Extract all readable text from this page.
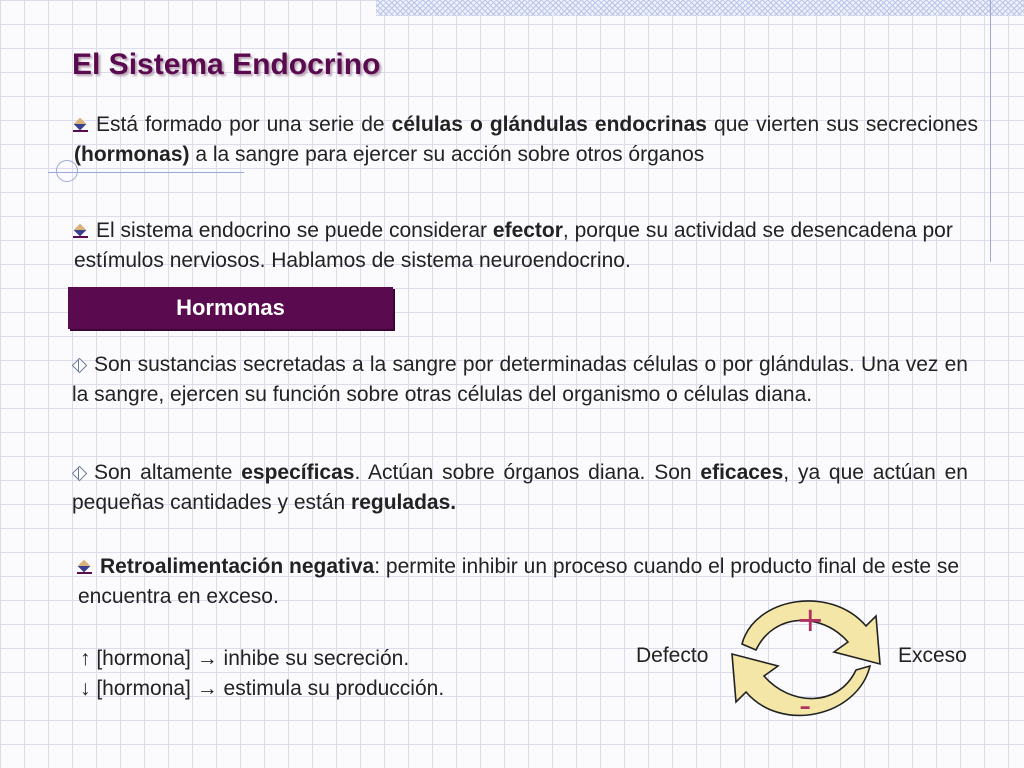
El Sistema Endocrino
Está formado por una serie de células o glándulas endocrinas que vierten sus secreciones (hormonas) a la sangre para ejercer su acción sobre otros órganos
El sistema endocrino se puede considerar efector, porque su actividad se desencadena por estímulos nerviosos. Hablamos de sistema neuroendocrino.
Hormonas
Son sustancias secretadas a la sangre por determinadas células o por glándulas. Una vez en la sangre, ejercen su función sobre otras células del organismo o células diana.
Son altamente específicas. Actúan sobre órganos diana. Son eficaces, ya que actúan en pequeñas cantidades y están reguladas.
Retroalimentación negativa: permite inhibir un proceso cuando el producto final de este se encuentra en exceso.
↑ [hormona] → inhibe su secreción.
↓ [hormona] → estimula su producción.
Defecto	Exceso
+
-
